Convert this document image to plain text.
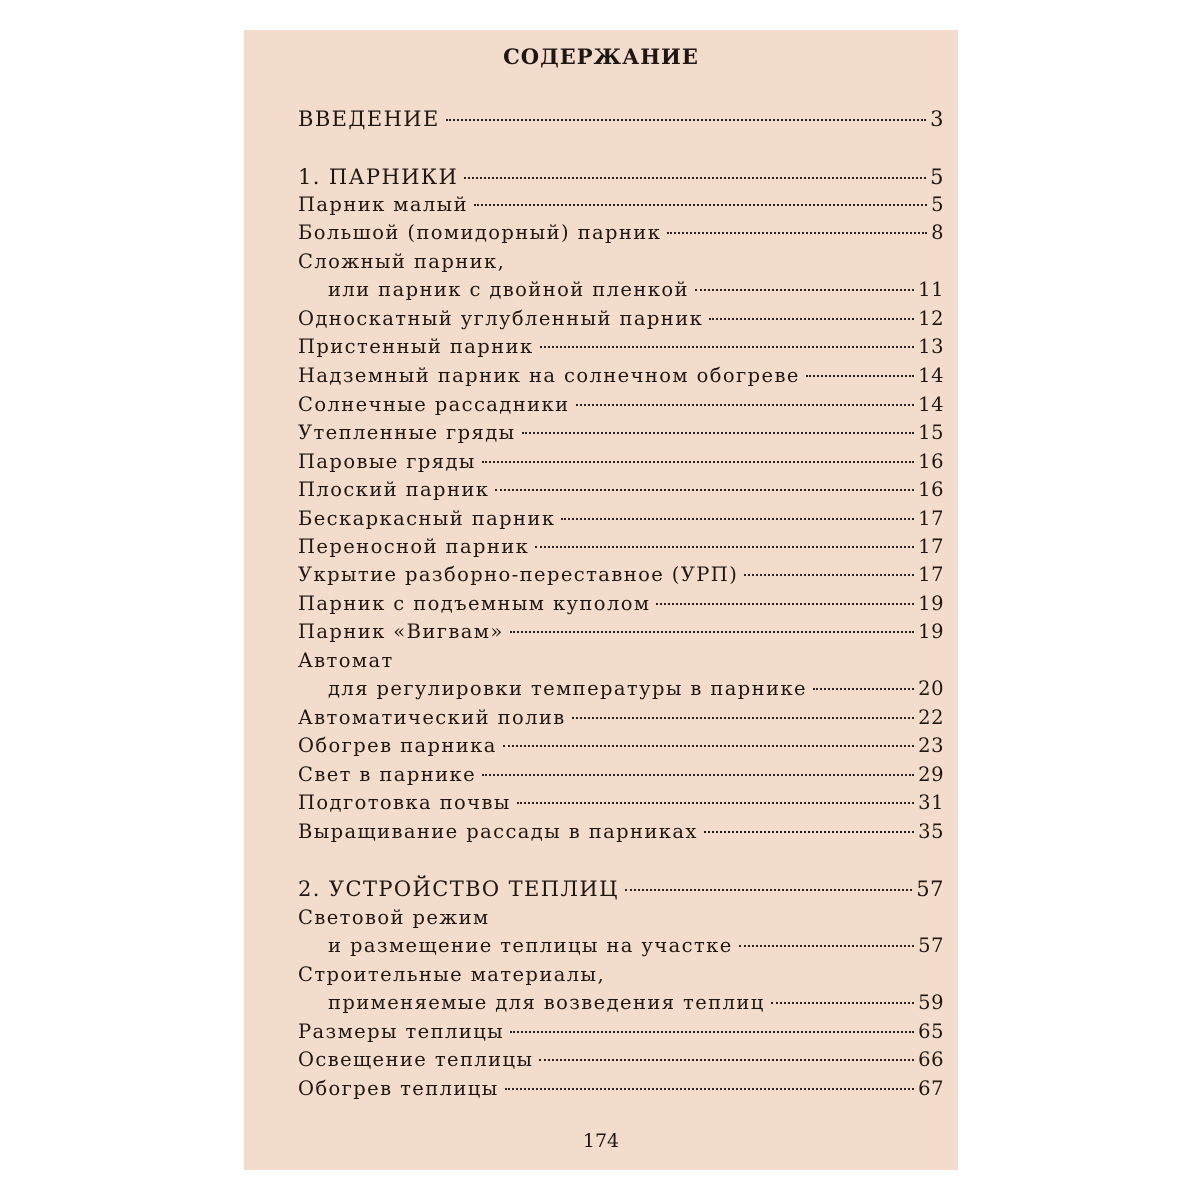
СОДЕРЖАНИЕ
ВВЕДЕНИЕ	3
1. ПАРНИКИ	5
Парник малый	5
Большой (помидорный) парник	8
Сложный парник,
или парник с двойной пленкой	11
Односкатный углубленный парник	12
Пристенный парник	13
Надземный парник на солнечном обогреве	14
Солнечные рассадники	14
Утепленные гряды	15
Паровые гряды	16
Плоский парник	16
Бескаркасный парник	17
Переносной парник	17
Укрытие разборно-переставное (УРП)	17
Парник с подъемным куполом	19
Парник «Вигвам»	19
Автомат
для регулировки температуры в парнике	20
Автоматический полив	22
Обогрев парника	23
Свет в парнике	29
Подготовка почвы	31
Выращивание рассады в парниках	35
2. УСТРОЙСТВО ТЕПЛИЦ	57
Световой режим
и размещение теплицы на участке	57
Строительные материалы,
применяемые для возведения теплиц	59
Размеры теплицы	65
Освещение теплицы	66
Обогрев теплицы	67
174
